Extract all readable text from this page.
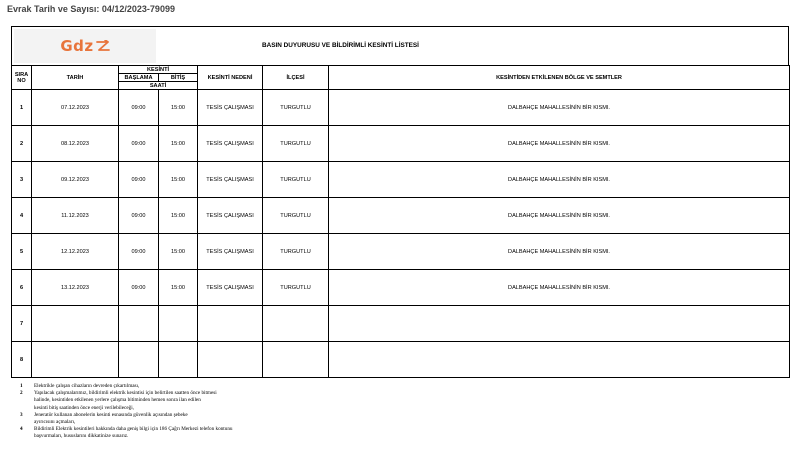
Evrak Tarih ve Sayısı: 04/12/2023-79099
Gdz	BASIN DUYURUSU VE BİLDİRİMLİ KESİNTİ LİSTESİ
SIRA
NO	TARİH	KESİNTİ		KESİNTİ NEDENİ	İLÇESİ	KESİNTİDEN ETKİLENEN BÖLGE VE SEMTLER
		BAŞLAMA	BİTİŞ			
		SAATİ				
1	07.12.2023	09:00	15:00	TESİS ÇALIŞMASI	TURGUTLU	DALBAHÇE MAHALLESİNİN BİR KISMI.
2	08.12.2023	09:00	15:00	TESİS ÇALIŞMASI	TURGUTLU	DALBAHÇE MAHALLESİNİN BİR KISMI.
3	09.12.2023	09:00	15:00	TESİS ÇALIŞMASI	TURGUTLU	DALBAHÇE MAHALLESİNİN BİR KISMI.
4	11.12.2023	09:00	15:00	TESİS ÇALIŞMASI	TURGUTLU	DALBAHÇE MAHALLESİNİN BİR KISMI.
5	12.12.2023	09:00	15:00	TESİS ÇALIŞMASI	TURGUTLU	DALBAHÇE MAHALLESİNİN BİR KISMI.
6	13.12.2023	09:00	15:00	TESİS ÇALIŞMASI	TURGUTLU	DALBAHÇE MAHALLESİNİN BİR KISMI.
7						
8						
1	Elektrikle çalışan cihazların devreden çıkartılması,
2	Yapılacak çalışmalarımız, bildirimli elektrik kesintisi için belirtilen saatten önce bitmesi
halinde, kesintiden etkilenen yerlere çalışma bitiminden hemen sonra ilan edilen
kesinti bitiş saatinden önce enerji verilebileceği,
3	Jeneratör kullanan abonelerin kesinti esnasında güvenlik açısından şebeke
ayırıcısını açmaları,
4	Bildirimli Elektrik kesintileri hakkında daha geniş bilgi için 186 Çağrı Merkezi telefon kontunu
başvurmaları, hususlarını dikkatinize sunarız.
